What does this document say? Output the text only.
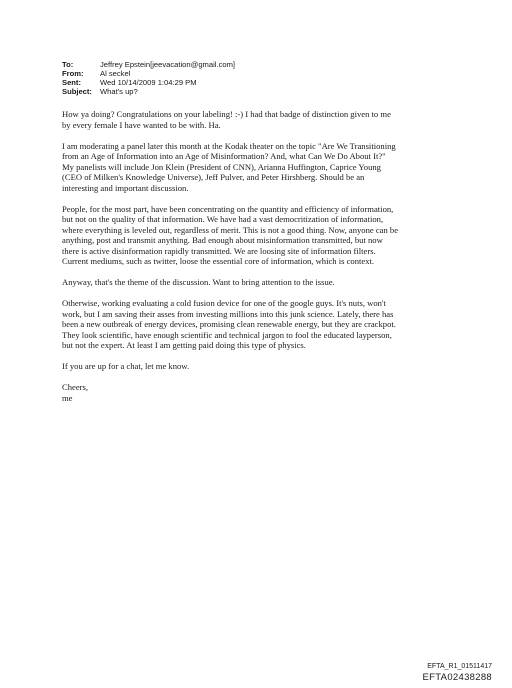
To:	Jeffrey Epstein[jeevacation@gmail.com]
From:	Al seckel
Sent:	Wed 10/14/2009 1:04:29 PM
Subject:	What's up?

How ya doing? Congratulations on your labeling! :-) I had that badge of distinction given to me
by every female I have wanted to be with. Ha.

I am moderating a panel later this month at the Kodak theater on the topic "Are We Transitioning
from an Age of Information into an Age of Misinformation? And, what Can We Do About It?"
My panelists will include Jon Klein (President of CNN), Arianna Huffington, Caprice Young
(CEO of Milken's Knowledge Universe), Jeff Pulver, and Peter Hirshberg. Should be an
interesting and important discussion.

People, for the most part, have been concentrating on the quantity and efficiency of information,
but not on the quality of that information. We have had a vast democritization of information,
where everything is leveled out, regardless of merit. This is not a good thing. Now, anyone can be
anything, post and transmit anything. Bad enough about misinformation transmitted, but now
there is active disinformation rapidly transmitted. We are loosing site of information filters.
Current mediums, such as twitter, loose the essential core of information, which is context.

Anyway, that's the theme of the discussion. Want to bring attention to the issue.

Otherwise, working evaluating a cold fusion device for one of the google guys. It's nuts, won't
work, but I am saving their asses from investing millions into this junk science. Lately, there has
been a new outbreak of energy devices, promising clean renewable energy, but they are crackpot.
They look scientific, have enough scientific and technical jargon to fool the educated layperson,
but not the expert. At least I am getting paid doing this type of physics.

If you are up for a chat, let me know.

Cheers,
me

EFTA_R1_01511417
EFTA02438288
